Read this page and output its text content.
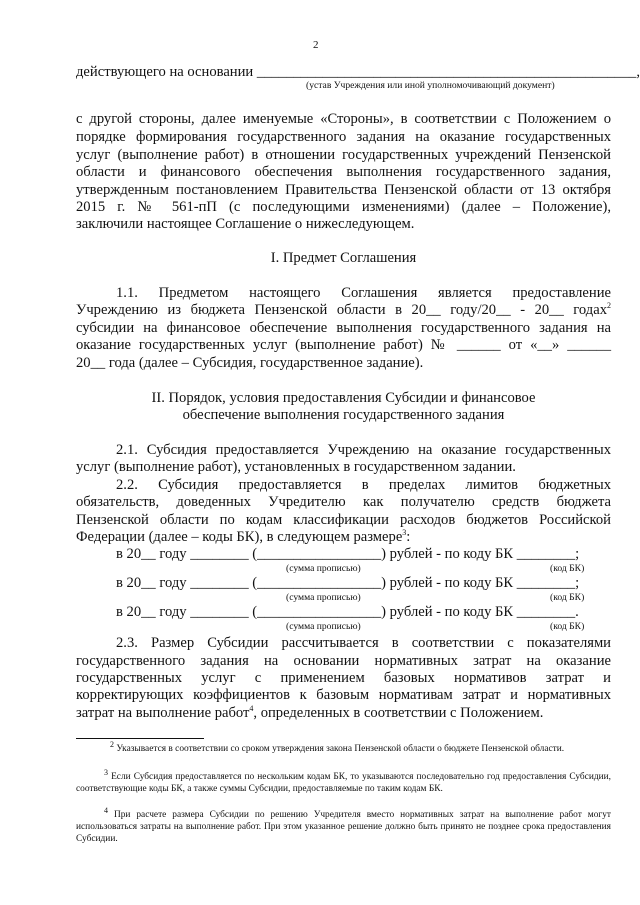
2
действующего на основании ____________________________________________________,
(устав Учреждения или иной уполномочивающий документ)
с другой стороны, далее именуемые «Стороны», в соответствии с Положением о
порядке формирования государственного задания на оказание государственных
услуг (выполнение работ) в отношении государственных учреждений Пензенской
области и финансового обеспечения выполнения государственного задания,
утвержденным постановлением Правительства Пензенской области от 13 октября
2015 г. № 561-пП (с последующими изменениями) (далее – Положение),
заключили настоящее Соглашение о нижеследующем.
I. Предмет Соглашения
1.1. Предметом настоящего Соглашения является предоставление
Учреждению из бюджета Пензенской области в 20__ году/20__ - 20__ годах$^2$
субсидии на финансовое обеспечение выполнения государственного задания на
оказание государственных услуг (выполнение работ) № ______ от «__» ______
20__ года (далее – Субсидия, государственное задание).
II. Порядок, условия предоставления Субсидии и финансовое
обеспечение выполнения государственного задания
2.1. Субсидия предоставляется Учреждению на оказание государственных
услуг (выполнение работ), установленных в государственном задании.
2.2. Субсидия предоставляется в пределах лимитов бюджетных
обязательств, доведенных Учредителю как получателю средств бюджета
Пензенской области по кодам классификации расходов бюджетов Российской
Федерации (далее – коды БК), в следующем размере$^3$:
в 20__ году ________ (_________________) рублей - по коду БК ________;
(сумма прописью)	(код БК)
в 20__ году ________ (_________________) рублей - по коду БК ________;
(сумма прописью)	(код БК)
в 20__ году ________ (_________________) рублей - по коду БК ________.
(сумма прописью)	(код БК)
2.3. Размер Субсидии рассчитывается в соответствии с показателями
государственного задания на основании нормативных затрат на оказание
государственных услуг с применением базовых нормативов затрат и
корректирующих коэффициентов к базовым нормативам затрат и нормативных
затрат на выполнение работ$^4$, определенных в соответствии с Положением.
$^2$ Указывается в соответствии со сроком утверждения закона Пензенской области о бюджете Пензенской области.
$^3$ Если Субсидия предоставляется по нескольким кодам БК, то указываются последовательно год предоставления Субсидии, соответствующие коды БК, а также суммы Субсидии, предоставляемые по таким кодам БК.
$^4$ При расчете размера Субсидии по решению Учредителя вместо нормативных затрат на выполнение работ могут использоваться затраты на выполнение работ. При этом указанное решение должно быть принято не позднее срока предоставления Субсидии.
